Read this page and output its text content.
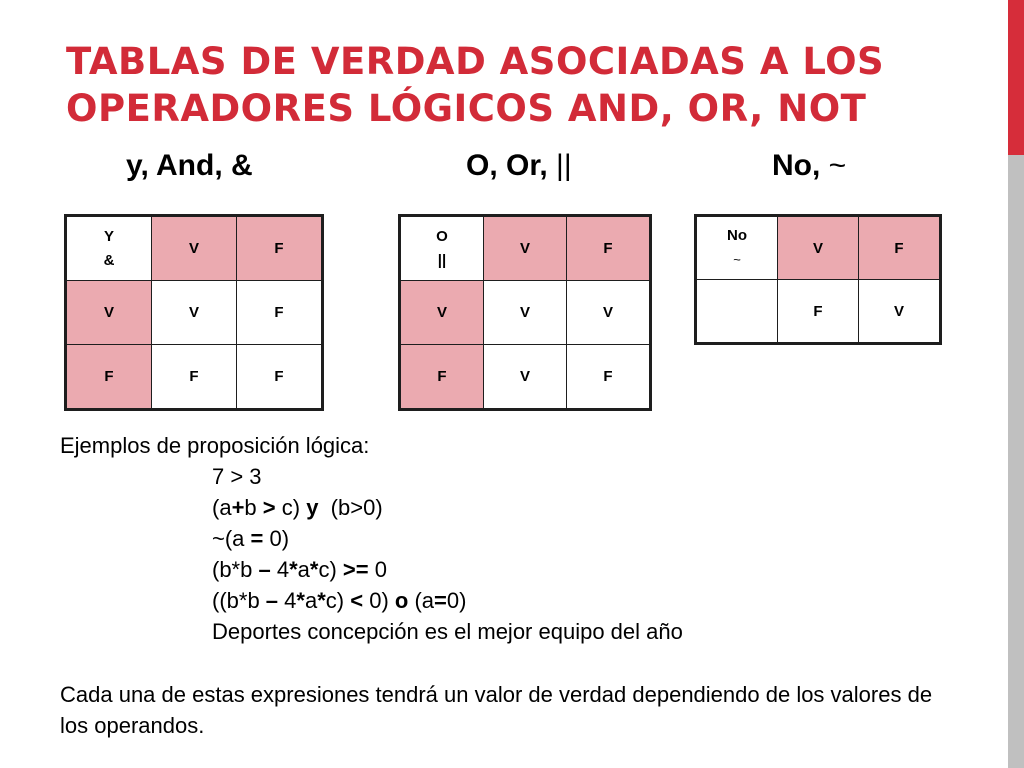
TABLAS DE VERDAD ASOCIADAS A LOS
OPERADORES LÓGICOS AND, OR, NOT
y, And, &	O, Or, ||	No, ~
Y
&	V	F
V	V	F
F	F	F
O
||	V	F
V	V	V
F	V	F
No
~	V	F
	F	V
Ejemplos de proposición lógica:
7 > 3
(a+b > c) y  (b>0)
~(a = 0)
(b*b – 4*a*c) >= 0
((b*b – 4*a*c) < 0) o (a=0)
Deportes concepción es el mejor equipo del año
Cada una de estas expresiones tendrá un valor de verdad dependiendo de los valores de los operandos.
